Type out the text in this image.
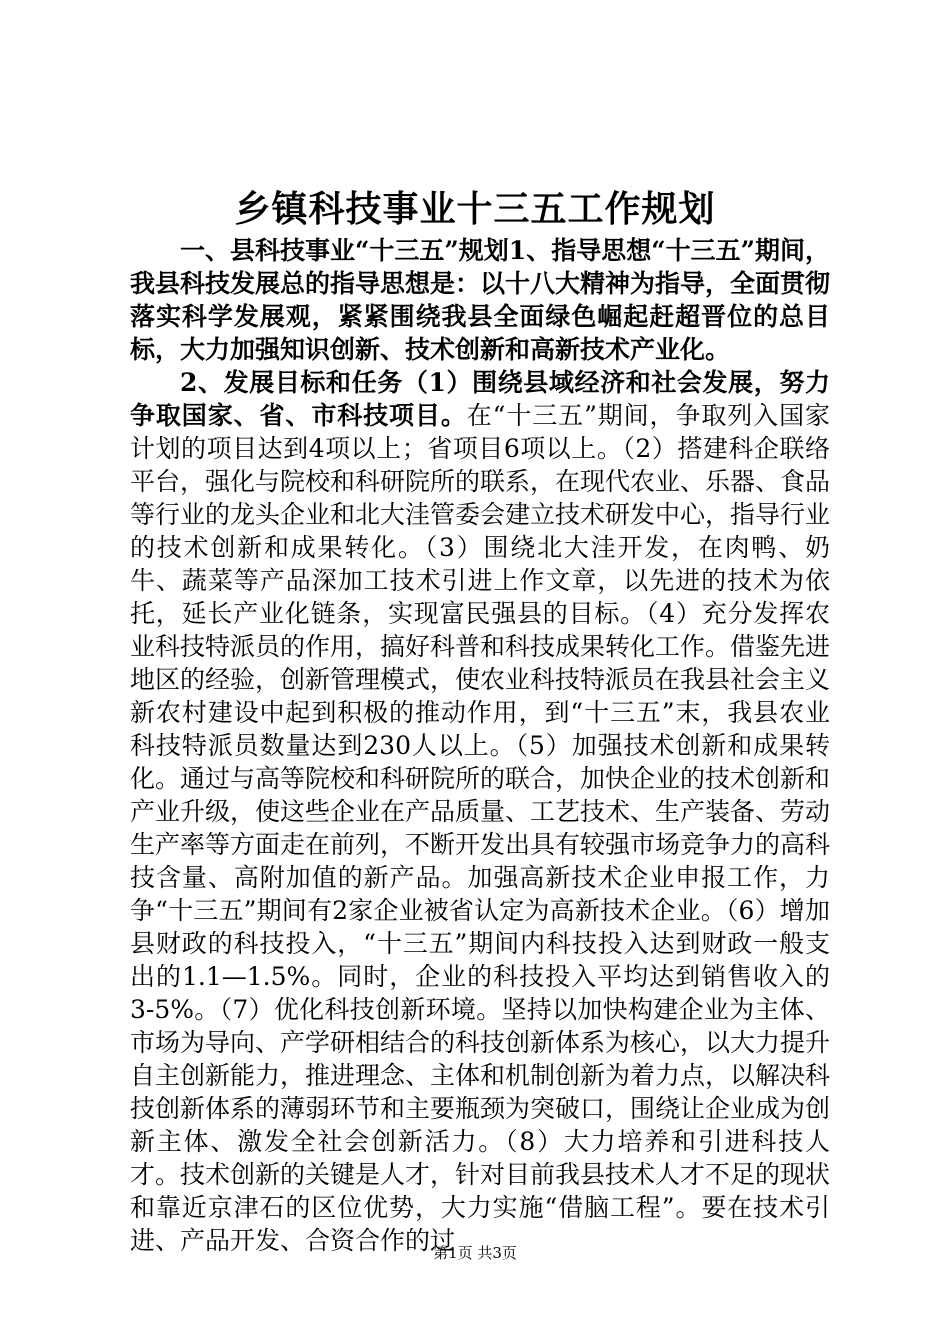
乡镇科技事业十三五工作规划

一、县科技事业“十三五”规划1、指导思想“十三五”期间，我县科技发展总的指导思想是：以十八大精神为指导，全面贯彻落实科学发展观，紧紧围绕我县全面绿色崛起赶超晋位的总目标，大力加强知识创新、技术创新和高新技术产业化。

2、发展目标和任务（1）围绕县域经济和社会发展，努力争取国家、省、市科技项目。在“十三五”期间，争取列入国家计划的项目达到4项以上；省项目6项以上。（2）搭建科企联络平台，强化与院校和科研院所的联系，在现代农业、乐器、食品等行业的龙头企业和北大洼管委会建立技术研发中心，指导行业的技术创新和成果转化。（3）围绕北大洼开发，在肉鸭、奶牛、蔬菜等产品深加工技术引进上作文章，以先进的技术为依托，延长产业化链条，实现富民强县的目标。（4）充分发挥农业科技特派员的作用，搞好科普和科技成果转化工作。借鉴先进地区的经验，创新管理模式，使农业科技特派员在我县社会主义新农村建设中起到积极的推动作用，到“十三五”末，我县农业科技特派员数量达到230人以上。（5）加强技术创新和成果转化。通过与高等院校和科研院所的联合，加快企业的技术创新和产业升级，使这些企业在产品质量、工艺技术、生产装备、劳动生产率等方面走在前列，不断开发出具有较强市场竞争力的高科技含量、高附加值的新产品。加强高新技术企业申报工作，力争“十三五”期间有2家企业被省认定为高新技术企业。（6）增加县财政的科技投入，“十三五”期间内科技投入达到财政一般支出的1.1—1.5%。同时，企业的科技投入平均达到销售收入的3-5%。（7）优化科技创新环境。坚持以加快构建企业为主体、市场为导向、产学研相结合的科技创新体系为核心，以大力提升自主创新能力，推进理念、主体和机制创新为着力点，以解决科技创新体系的薄弱环节和主要瓶颈为突破口，围绕让企业成为创新主体、激发全社会创新活力。（8）大力培养和引进科技人才。技术创新的关键是人才，针对目前我县技术人才不足的现状和靠近京津石的区位优势，大力实施“借脑工程”。要在技术引进、产品开发、合资合作的过

第1页 共3页
